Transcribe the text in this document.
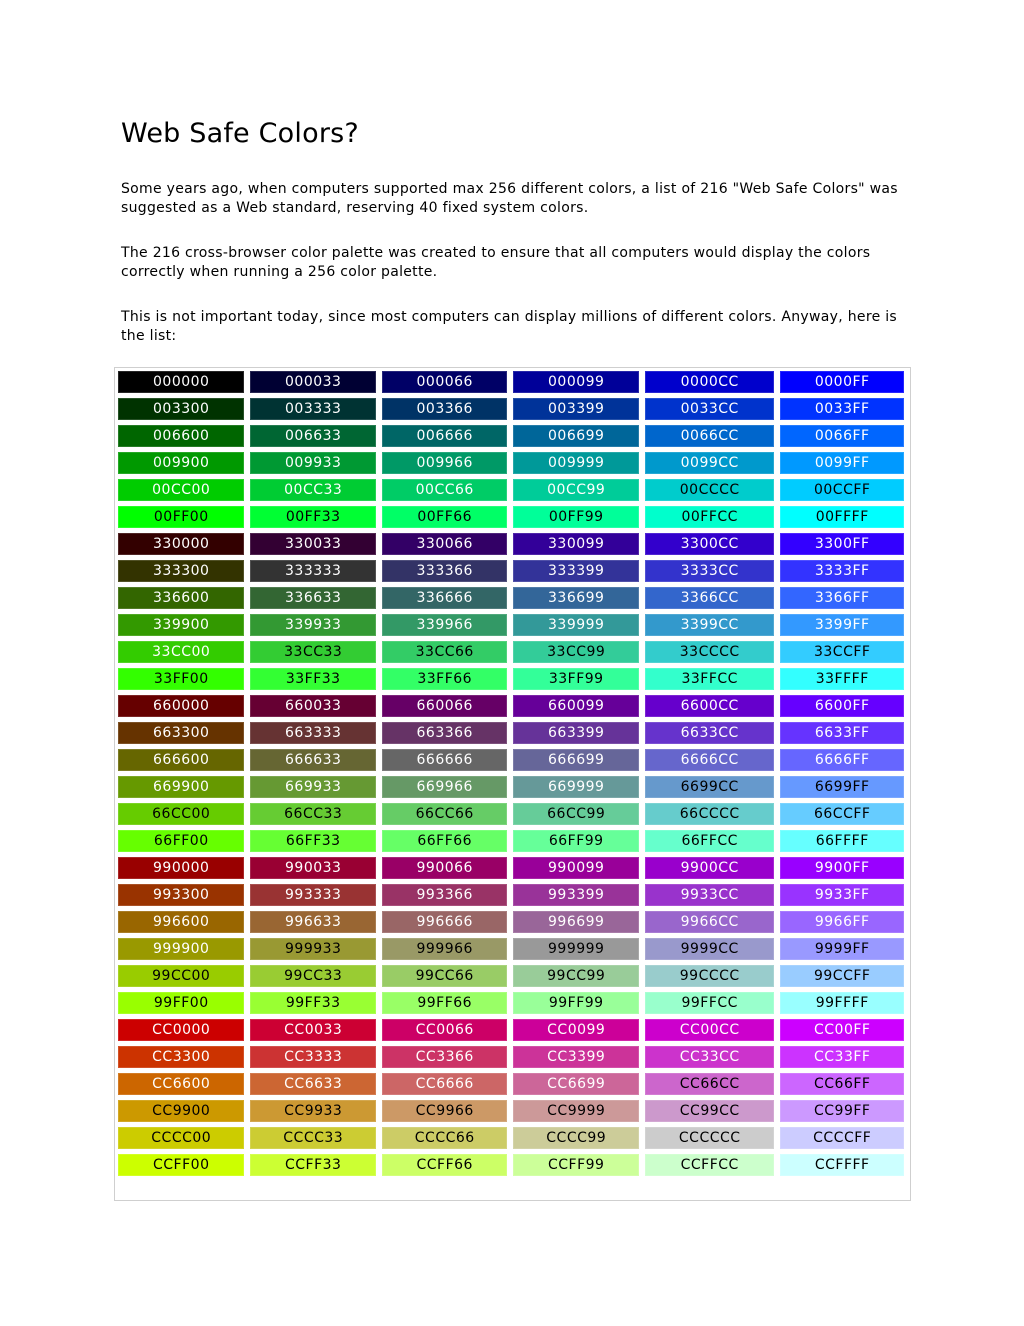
Web Safe Colors?

Some years ago, when computers supported max 256 different colors, a list of 216 "Web Safe Colors" was suggested as a Web standard, reserving 40 fixed system colors.

The 216 cross-browser color palette was created to ensure that all computers would display the colors correctly when running a 256 color palette.

This is not important today, since most computers can display millions of different colors. Anyway, here is the list:

000000	000033	000066	000099	0000CC	0000FF
003300	003333	003366	003399	0033CC	0033FF
006600	006633	006666	006699	0066CC	0066FF
009900	009933	009966	009999	0099CC	0099FF
00CC00	00CC33	00CC66	00CC99	00CCCC	00CCFF
00FF00	00FF33	00FF66	00FF99	00FFCC	00FFFF
330000	330033	330066	330099	3300CC	3300FF
333300	333333	333366	333399	3333CC	3333FF
336600	336633	336666	336699	3366CC	3366FF
339900	339933	339966	339999	3399CC	3399FF
33CC00	33CC33	33CC66	33CC99	33CCCC	33CCFF
33FF00	33FF33	33FF66	33FF99	33FFCC	33FFFF
660000	660033	660066	660099	6600CC	6600FF
663300	663333	663366	663399	6633CC	6633FF
666600	666633	666666	666699	6666CC	6666FF
669900	669933	669966	669999	6699CC	6699FF
66CC00	66CC33	66CC66	66CC99	66CCCC	66CCFF
66FF00	66FF33	66FF66	66FF99	66FFCC	66FFFF
990000	990033	990066	990099	9900CC	9900FF
993300	993333	993366	993399	9933CC	9933FF
996600	996633	996666	996699	9966CC	9966FF
999900	999933	999966	999999	9999CC	9999FF
99CC00	99CC33	99CC66	99CC99	99CCCC	99CCFF
99FF00	99FF33	99FF66	99FF99	99FFCC	99FFFF
CC0000	CC0033	CC0066	CC0099	CC00CC	CC00FF
CC3300	CC3333	CC3366	CC3399	CC33CC	CC33FF
CC6600	CC6633	CC6666	CC6699	CC66CC	CC66FF
CC9900	CC9933	CC9966	CC9999	CC99CC	CC99FF
CCCC00	CCCC33	CCCC66	CCCC99	CCCCCC	CCCCFF
CCFF00	CCFF33	CCFF66	CCFF99	CCFFCC	CCFFFF
